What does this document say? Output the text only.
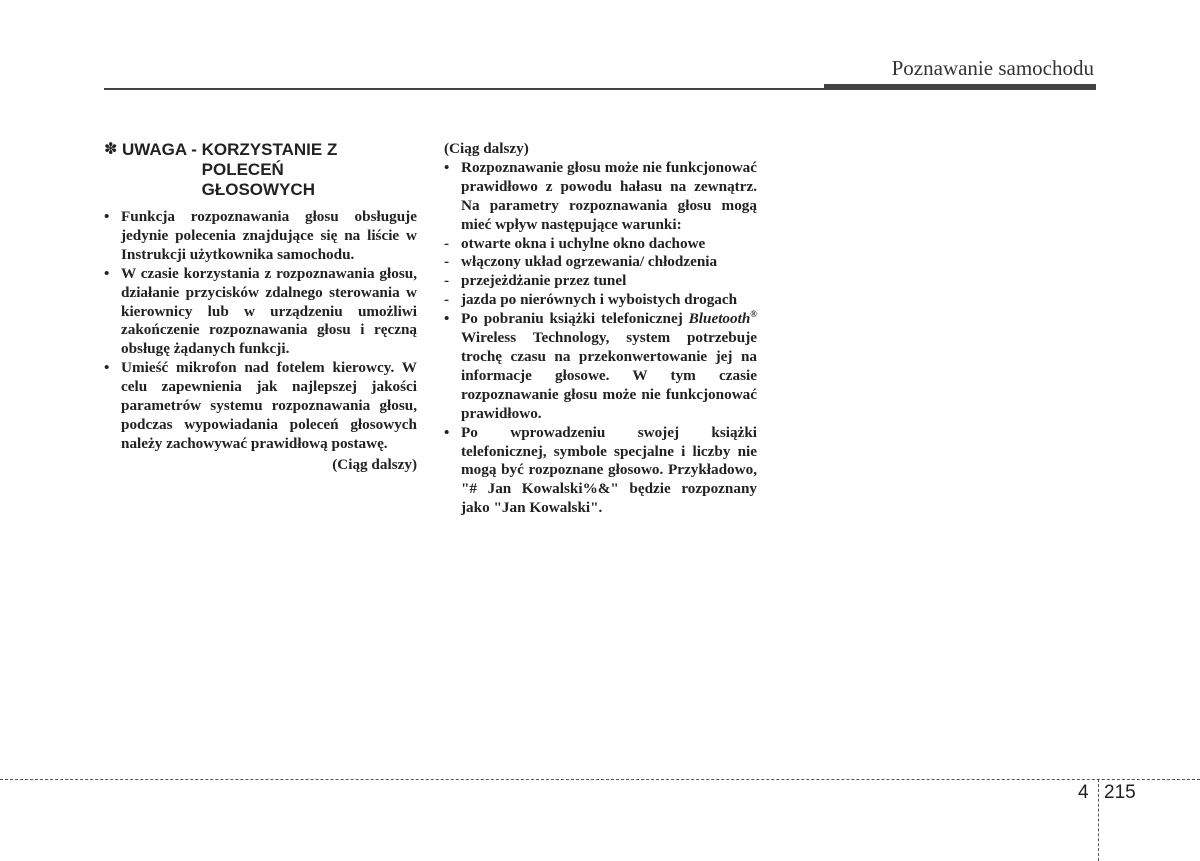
Poznawanie samochodu
✽ UWAGA - KORZYSTANIE Z POLECEŃ GŁOSOWYCH
• Funkcja rozpoznawania głosu obsługuje jedynie polecenia znajdujące się na liście w Instrukcji użytkownika samochodu.
• W czasie korzystania z rozpoznawania głosu, działanie przycisków zdalnego sterowania w kierownicy lub w urządzeniu umożliwi zakończenie rozpoznawania głosu i ręczną obsługę żądanych funkcji.
• Umieść mikrofon nad fotelem kierowcy. W celu zapewnienia jak najlepszej jakości parametrów systemu rozpoznawania głosu, podczas wypowiadania poleceń głosowych należy zachowywać prawidłową postawę.
(Ciąg dalszy)
(Ciąg dalszy)
• Rozpoznawanie głosu może nie funkcjonować prawidłowo z powodu hałasu na zewnątrz. Na parametry rozpoznawania głosu mogą mieć wpływ następujące warunki:
- otwarte okna i uchylne okno dachowe
- włączony układ ogrzewania/ chłodzenia
- przejeżdżanie przez tunel
- jazda po nierównych i wyboistych drogach
• Po pobraniu książki telefonicznej Bluetooth® Wireless Technology, system potrzebuje trochę czasu na przekonwertowanie jej na informacje głosowe. W tym czasie rozpoznawanie głosu może nie funkcjonować prawidłowo.
• Po wprowadzeniu swojej książki telefonicznej, symbole specjalne i liczby nie mogą być rozpoznane głosowo. Przykładowo, "# Jan Kowalski%&" będzie rozpoznany jako "Jan Kowalski".
4 215
